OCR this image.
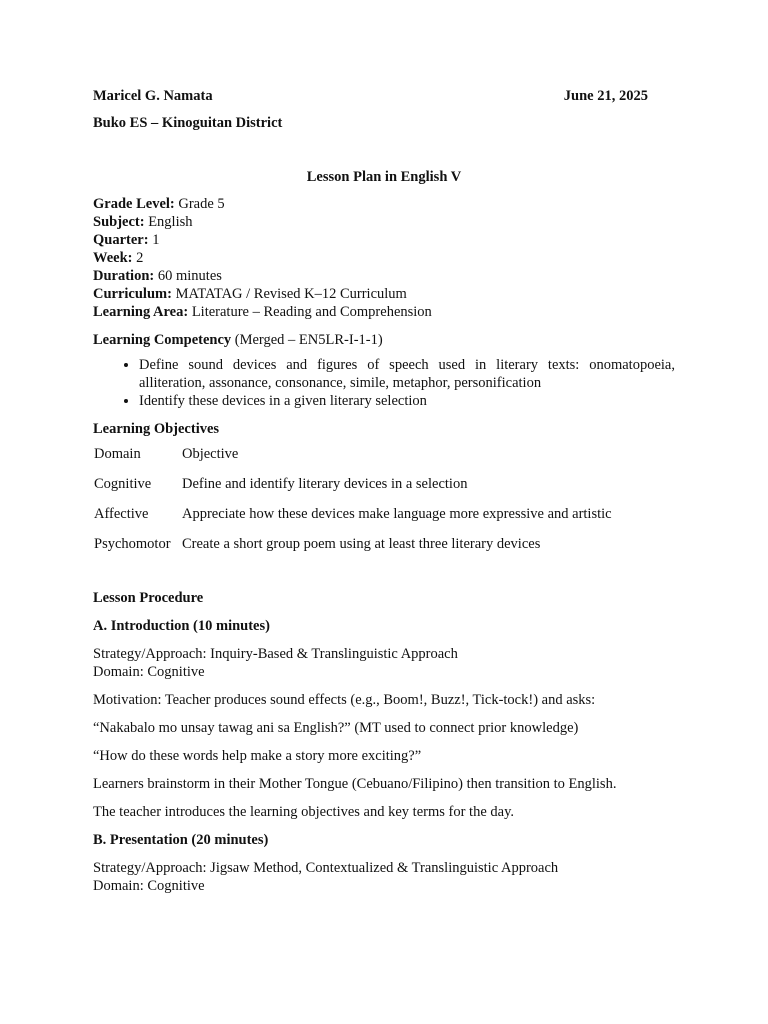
Maricel G. Namata	June 21, 2025
Buko ES – Kinoguitan District
Lesson Plan in English V
Grade Level: Grade 5
Subject: English
Quarter: 1
Week: 2
Duration: 60 minutes
Curriculum: MATATAG / Revised K–12 Curriculum
Learning Area: Literature – Reading and Comprehension
Learning Competency (Merged – EN5LR-I-1-1)
• Define sound devices and figures of speech used in literary texts: onomatopoeia, alliteration, assonance, consonance, simile, metaphor, personification
• Identify these devices in a given literary selection
Learning Objectives
Domain	Objective
Cognitive	Define and identify literary devices in a selection
Affective	Appreciate how these devices make language more expressive and artistic
Psychomotor	Create a short group poem using at least three literary devices
Lesson Procedure
A. Introduction (10 minutes)
Strategy/Approach: Inquiry-Based & Translinguistic Approach
Domain: Cognitive
Motivation: Teacher produces sound effects (e.g., Boom!, Buzz!, Tick-tock!) and asks:
“Nakabalo mo unsay tawag ani sa English?” (MT used to connect prior knowledge)
“How do these words help make a story more exciting?”
Learners brainstorm in their Mother Tongue (Cebuano/Filipino) then transition to English.
The teacher introduces the learning objectives and key terms for the day.
B. Presentation (20 minutes)
Strategy/Approach: Jigsaw Method, Contextualized & Translinguistic Approach
Domain: Cognitive
